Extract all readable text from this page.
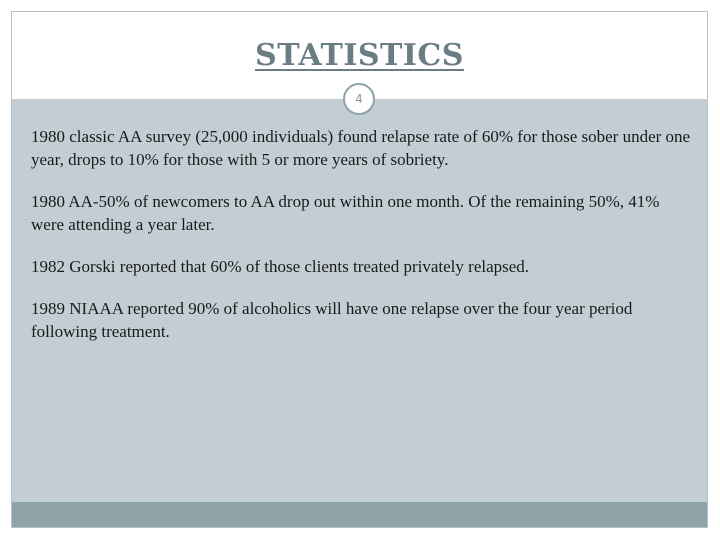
STATISTICS
4

1980 classic AA survey (25,000 individuals) found relapse rate of 60% for those sober under one year, drops to 10% for those with 5 or more years of sobriety.

1980 AA-50% of newcomers to AA drop out within one month. Of the remaining 50%, 41% were attending a year later.

1982 Gorski reported that 60% of those clients treated privately relapsed.

1989 NIAAA reported 90% of alcoholics will have one relapse over the four year period following treatment.
